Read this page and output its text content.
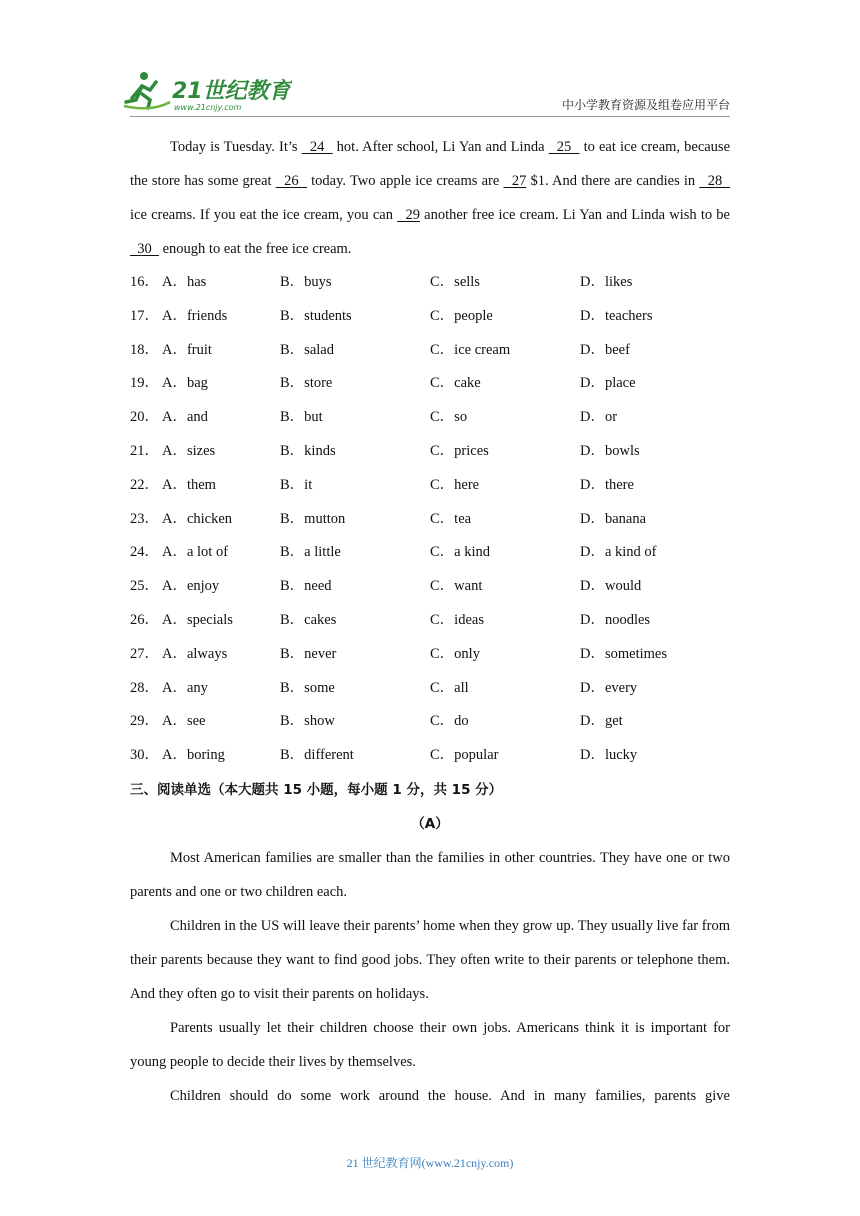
21世纪教育
www.21cnjy.com	中小学教育资源及组卷应用平台

Today is Tuesday. It’s   24   hot. After school, Li Yan and Linda   25   to eat ice cream, because the store has some great   26   today. Two apple ice creams are   27 $1. And there are candies in   28   ice creams. If you eat the ice cream, you can   29 another free ice cream. Li Yan and Linda wish to be   30   enough to eat the free ice cream.

16． A．has	B．buys	C．sells	D．likes
17． A．friends	B．students	C．people	D．teachers
18． A．fruit	B．salad	C．ice cream	D．beef
19． A．bag	B．store	C．cake	D．place
20． A．and	B．but	C．so	D．or
21． A．sizes	B．kinds	C．prices	D．bowls
22． A．them	B．it	C．here	D．there
23． A．chicken	B．mutton	C．tea	D．banana
24． A．a lot of	B．a little	C．a kind	D．a kind of
25． A．enjoy	B．need	C．want	D．would
26． A．specials	B．cakes	C．ideas	D．noodles
27． A．always	B．never	C．only	D．sometimes
28． A．any	B．some	C．all	D．every
29． A．see	B．show	C．do	D．get
30． A．boring	B．different	C．popular	D．lucky
三、阅读单选（本大题共 15 小题，每小题 1 分，共 15 分）
（A）

Most American families are smaller than the families in other countries. They have one or two parents and one or two children each.

Children in the US will leave their parents’ home when they grow up. They usually live far from their parents because they want to find good jobs. They often write to their parents or telephone them. And they often go to visit their parents on holidays.

Parents usually let their children choose their own jobs. Americans think it is important for young people to decide their lives by themselves.

Children should do some work around the house. And in many families, parents give

21 世纪教育网(www.21cnjy.com)
